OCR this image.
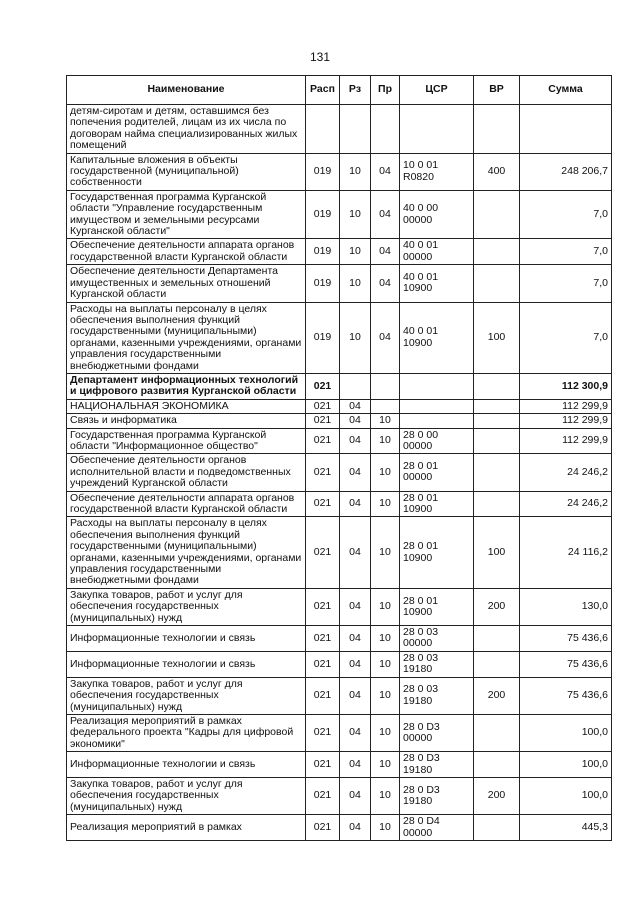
131
Наименование	Расп	Рз	Пр	ЦСР	ВР	Сумма
детям-сиротам и детям, оставшимся без попечения родителей, лицам из их числа по договорам найма специализированных жилых помещений						
Капитальные вложения в объекты государственной (муниципальной) собственности	019	10	04	10 0 01 R0820	400	248 206,7
Государственная программа Курганской области "Управление государственным имуществом и земельными ресурсами Курганской области"	019	10	04	40 0 00 00000		7,0
Обеспечение деятельности аппарата органов государственной власти Курганской области	019	10	04	40 0 01 00000		7,0
Обеспечение деятельности Департамента имущественных и земельных отношений Курганской области	019	10	04	40 0 01 10900		7,0
Расходы на выплаты персоналу в целях обеспечения выполнения функций государственными (муниципальными) органами, казенными учреждениями, органами управления государственными внебюджетными фондами	019	10	04	40 0 01 10900	100	7,0
Департамент информационных технологий и цифрового развития Курганской области	021					112 300,9
НАЦИОНАЛЬНАЯ ЭКОНОМИКА	021	04				112 299,9
Связь и информатика	021	04	10			112 299,9
Государственная программа Курганской области "Информационное общество"	021	04	10	28 0 00 00000		112 299,9
Обеспечение деятельности органов исполнительной власти и подведомственных учреждений Курганской области	021	04	10	28 0 01 00000		24 246,2
Обеспечение деятельности аппарата органов государственной власти Курганской области	021	04	10	28 0 01 10900		24 246,2
Расходы на выплаты персоналу в целях обеспечения выполнения функций государственными (муниципальными) органами, казенными учреждениями, органами управления государственными внебюджетными фондами	021	04	10	28 0 01 10900	100	24 116,2
Закупка товаров, работ и услуг для обеспечения государственных (муниципальных) нужд	021	04	10	28 0 01 10900	200	130,0
Информационные технологии и связь	021	04	10	28 0 03 00000		75 436,6
Информационные технологии и связь	021	04	10	28 0 03 19180		75 436,6
Закупка товаров, работ и услуг для обеспечения государственных (муниципальных) нужд	021	04	10	28 0 03 19180	200	75 436,6
Реализация мероприятий в рамках федерального проекта "Кадры для цифровой экономики"	021	04	10	28 0 D3 00000		100,0
Информационные технологии и связь	021	04	10	28 0 D3 19180		100,0
Закупка товаров, работ и услуг для обеспечения государственных (муниципальных) нужд	021	04	10	28 0 D3 19180	200	100,0
Реализация мероприятий в рамках	021	04	10	28 0 D4 00000		445,3
